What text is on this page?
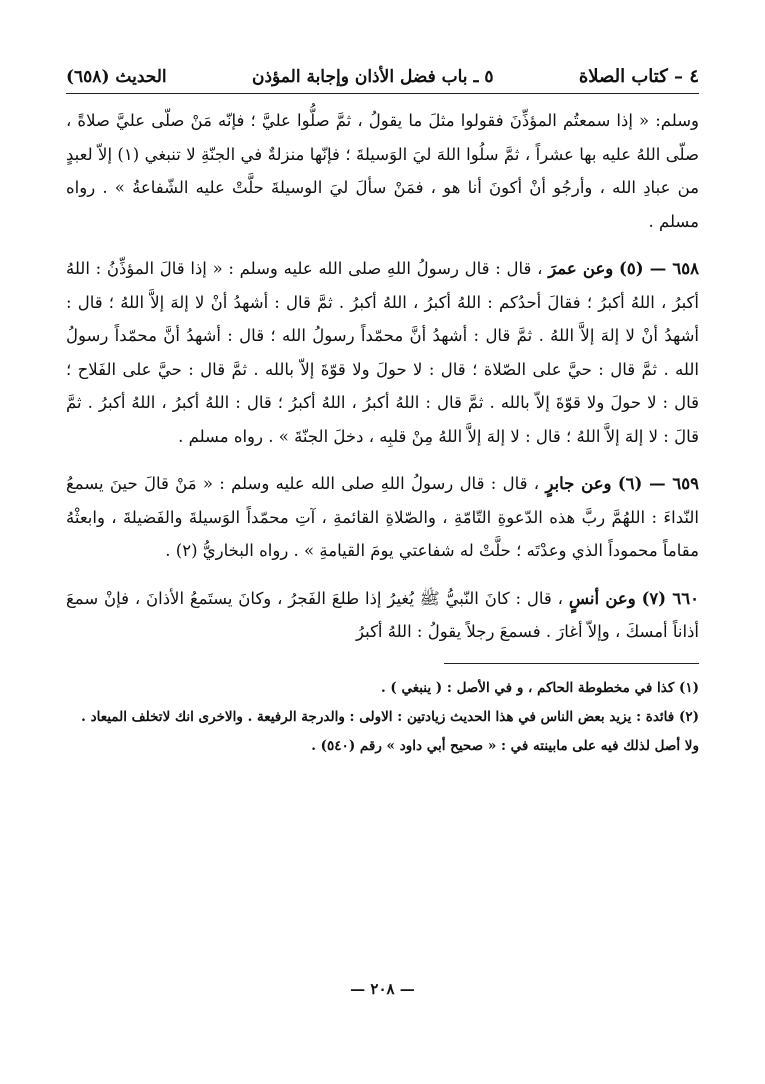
٤ – كتاب الصلاة
٥ ـ باب فضل الأذان وإجابة المؤذن
الحديث (٦٥٨)

وسلم: « إذا سمعتُم المؤذِّنَ فقولوا مثلَ ما يقولُ ، ثمَّ صلُّوا عليَّ ؛ فإنّه مَنْ صلّى عليَّ صلاةً ، صلّى اللهُ عليه بها عشراً ، ثمَّ سلُوا اللهَ ليَ الوَسيلةَ ؛ فإنّها منزلةٌ في الجنّةِ لا تنبغي (١) إلاّ لعبدٍ من عبادِ الله ، وأرجُو أنْ أكونَ أنا هو ، فمَنْ سألَ ليَ الوسيلةَ حلَّتْ عليه الشّفاعةُ » . رواه مسلم .

٦٥٨ — (٥) وعن عمرَ ، قال : قال رسولُ اللهِ صلى الله عليه وسلم : « إذا قالَ المؤذِّنُ : اللهُ أكبرُ ، اللهُ أكبرُ ؛ فقالَ أحدُكم : اللهُ أكبرُ ، اللهُ أكبرُ . ثمَّ قال : أشهدُ أنْ لا إلهَ إلاَّ اللهُ ؛ قال : أشهدُ أنْ لا إلهَ إلاَّ اللهُ . ثمَّ قال : أشهدُ أنَّ محمّداً رسولُ الله ؛ قال : أشهدُ أنَّ محمّداً رسولُ الله . ثمَّ قال : حيَّ على الصّلاة ؛ قال : لا حولَ ولا قوّةَ إلاّ بالله . ثمَّ قال : حيَّ على الفَلاح ؛ قال : لا حولَ ولا قوّةَ إلاّ بالله . ثمَّ قال : اللهُ أكبرُ ، اللهُ أكبرُ ؛ قال : اللهُ أكبرُ ، اللهُ أكبرُ . ثمَّ قالَ : لا إلهَ إلاَّ اللهُ ؛ قال : لا إلهَ إلاَّ اللهُ مِنْ قلبِه ، دخلَ الجنّةَ » . رواه مسلم .

٦٥٩ — (٦) وعن جابرٍ ، قال : قال رسولُ اللهِ صلى الله عليه وسلم : « مَنْ قالَ حينَ يسمعُ النّداءَ : اللهُمَّ ربَّ هذه الدّعوةِ التّامّةِ ، والصّلاةِ القائمةِ ، آتِ محمّداً الوَسيلةَ والفَضيلةَ ، وابعثْهُ مقاماً محموداً الذي وعدْتَه ؛ حلَّتْ له شفاعتي يومَ القيامةِ » . رواه البخاريُّ (٢) .

٦٦٠ (٧) وعن أنسٍ ، قال : كانَ النّبيُّ ﷺ يُغيرُ إذا طلعَ الفَجرُ ، وكانَ يستَمعُ الأذانَ ، فإنْ سمعَ أذاناً أمسكَ ، وإلاّ أغارَ . فسمعَ رجلاً يقولُ : اللهُ أكبرُ

(١) كذا في مخطوطة الحاكم ، و في الأصل : ( ينبغي ) .

(٢) فائدة : يزيد بعض الناس في هذا الحديث زيادتين : الاولى : والدرجة الرفيعة . والاخرى انك لاتخلف الميعاد . ولا أصل لذلك فيه على مابينته في : « صحيح أبي داود » رقم (٥٤٠) .

— ٢٠٨ —
